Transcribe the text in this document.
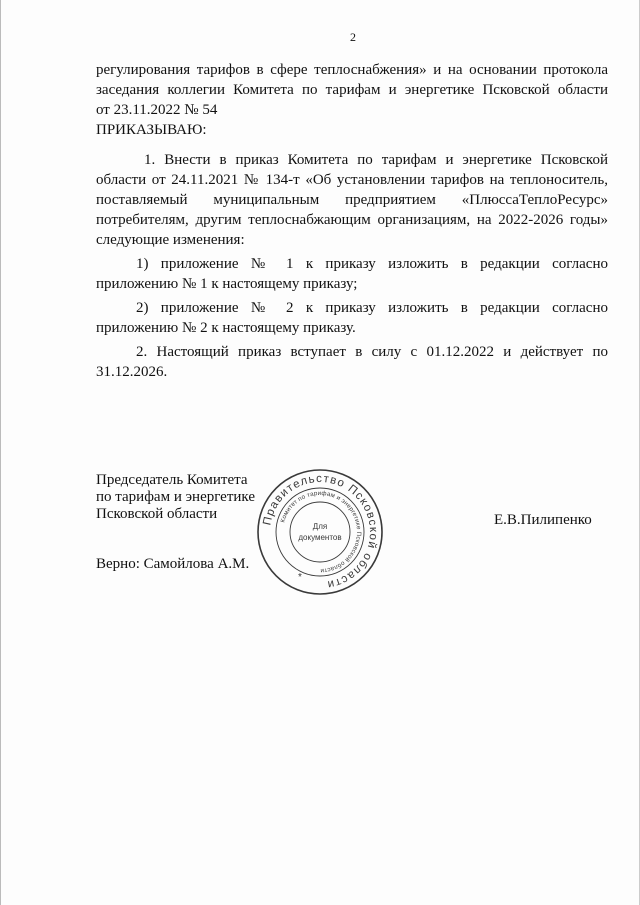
2

регулирования тарифов в сфере теплоснабжения» и на основании протокола

заседания коллегии Комитета по тарифам и энергетике Псковской области

от 23.11.2022 № 54

ПРИКАЗЫВАЮ:

1. Внести в приказ Комитета по тарифам и энергетике Псковской области от 24.11.2021 № 134-т «Об установлении тарифов на теплоноситель, поставляемый муниципальным предприятием «ПлюссаТеплоРесурс» потребителям, другим теплоснабжающим организациям, на 2022-2026 годы» следующие изменения:

1) приложение № 1 к приказу изложить в редакции согласно приложению № 1 к настоящему приказу;

2) приложение № 2 к приказу изложить в редакции согласно приложению № 2 к настоящему приказу.

2. Настоящий приказ вступает в силу с 01.12.2022 и действует по 31.12.2026.

Председатель Комитета
по тарифам и энергетике
Псковской области	Е.В.Пилипенко
Верно: Самойлова А.М.
Правительство Псковской области
Комитет по тарифам и энергетике Псковской области
Для
документов
*
